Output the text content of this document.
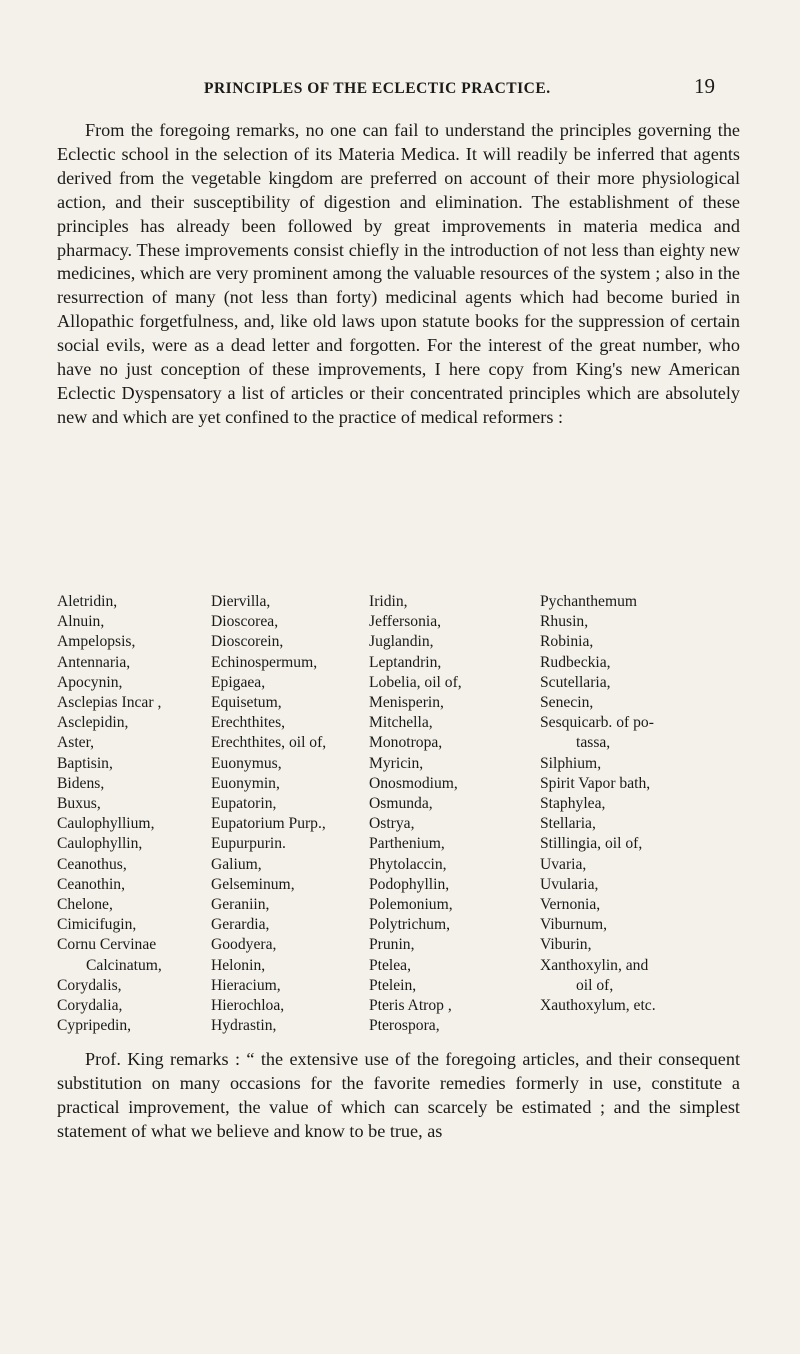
PRINCIPLES OF THE ECLECTIC PRACTICE.	19

From the foregoing remarks, no one can fail to understand the principles governing the Eclectic school in the selection of its Materia Medica. It will readily be inferred that agents derived from the vegetable kingdom are preferred on account of their more physiological action, and their susceptibility of digestion and elimination. The establishment of these principles has already been followed by great improvements in materia medica and pharmacy. These improvements consist chiefly in the introduction of not less than eighty new medicines, which are very prominent among the valuable resources of the system ; also in the resurrection of many (not less than forty) medicinal agents which had become buried in Allopathic forgetfulness, and, like old laws upon statute books for the suppression of certain social evils, were as a dead letter and forgotten. For the interest of the great number, who have no just conception of these improvements, I here copy from King's new American Eclectic Dyspensatory a list of articles or their concentrated principles which are absolutely new and which are yet confined to the practice of medical reformers :

Aletridin,
Alnuin,
Ampelopsis,
Antennaria,
Apocynin,
Asclepias Incar ,
Asclepidin,
Aster,
Baptisin,
Bidens,
Buxus,
Caulophyllium,
Caulophyllin,
Ceanothus,
Ceanothin,
Chelone,
Cimicifugin,
Cornu Cervinae
Calcinatum,
Corydalis,
Corydalia,
Cypripedin,
Diervilla,
Dioscorea,
Dioscorein,
Echinospermum,
Epigaea,
Equisetum,
Erechthites,
Erechthites, oil of,
Euonymus,
Euonymin,
Eupatorin,
Eupatorium Purp.,
Eupurpurin.
Galium,
Gelseminum,
Geraniin,
Gerardia,
Goodyera,
Helonin,
Hieracium,
Hierochloa,
Hydrastin,
Iridin,
Jeffersonia,
Juglandin,
Leptandrin,
Lobelia, oil of,
Menisperin,
Mitchella,
Monotropa,
Myricin,
Onosmodium,
Osmunda,
Ostrya,
Parthenium,
Phytolaccin,
Podophyllin,
Polemonium,
Polytrichum,
Prunin,
Ptelea,
Ptelein,
Pteris Atrop ,
Pterospora,
Pychanthemum
Rhusin,
Robinia,
Rudbeckia,
Scutellaria,
Senecin,
Sesquicarb. of po-
tassa,
Silphium,
Spirit Vapor bath,
Staphylea,
Stellaria,
Stillingia, oil of,
Uvaria,
Uvularia,
Vernonia,
Viburnum,
Viburin,
Xanthoxylin, and
oil of,
Xauthoxylum, etc.

Prof. King remarks : “ the extensive use of the foregoing articles, and their consequent substitution on many occasions for the favorite remedies formerly in use, constitute a practical improvement, the value of which can scarcely be estimated ; and the simplest statement of what we believe and know to be true, as
